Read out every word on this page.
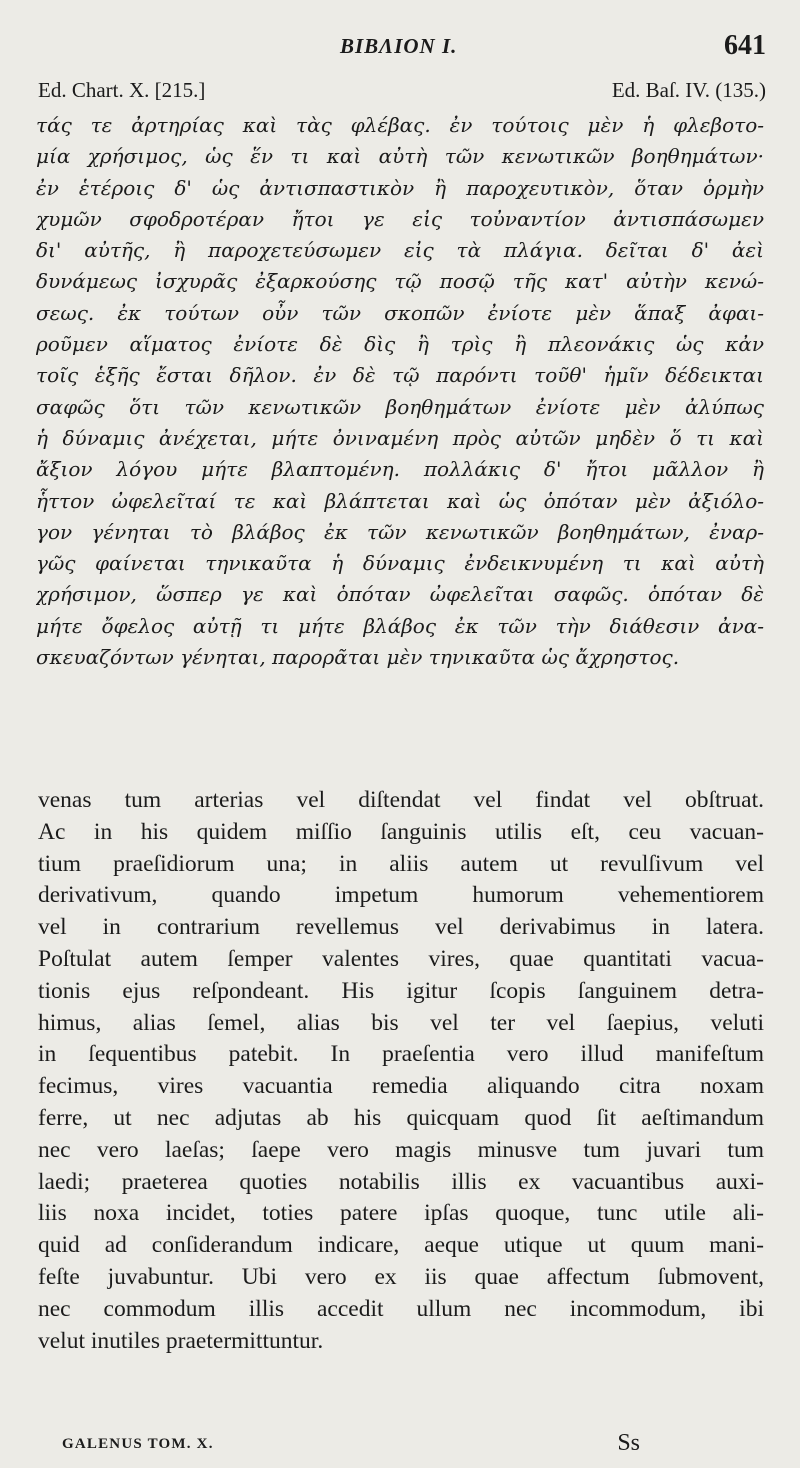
ΒΙΒΛΙΟΝ Ι.	641
Ed. Chart. X. [215.]	Ed. Baſ. IV. (135.)
τάς τε ἀρτηρίας καὶ τὰς φλέβας. ἐν τούτοις μὲν ἡ φλεβοτο-
μία χρήσιμος, ὡς ἕν τι καὶ αὐτὴ τῶν κενωτικῶν βοηθημάτων·
ἐν ἑτέροις δ' ὡς ἀντισπαστικὸν ἢ παροχευτικὸν, ὅταν ὁρμὴν
χυμῶν σφοδροτέραν ἤτοι γε εἰς τοὐναντίον ἀντισπάσωμεν
δι' αὐτῆς, ἢ παροχετεύσωμεν εἰς τὰ πλάγια. δεῖται δ' ἀεὶ
δυνάμεως ἰσχυρᾶς ἐξαρκούσης τῷ ποσῷ τῆς κατ' αὐτὴν κενώ-
σεως. ἐκ τούτων οὖν τῶν σκοπῶν ἐνίοτε μὲν ἅπαξ ἀφαι-
ροῦμεν αἵματος ἐνίοτε δὲ δὶς ἢ τρὶς ἢ πλεονάκις ὡς κἀν
τοῖς ἑξῆς ἔσται δῆλον. ἐν δὲ τῷ παρόντι τοῦθ' ἡμῖν δέδεικται
σαφῶς ὅτι τῶν κενωτικῶν βοηθημάτων ἐνίοτε μὲν ἀλύπως
ἡ δύναμις ἀνέχεται, μήτε ὀνιναμένη πρὸς αὐτῶν μηδὲν ὅ τι καὶ
ἄξιον λόγου μήτε βλαπτομένη. πολλάκις δ' ἤτοι μᾶλλον ἢ
ἧττον ὠφελεῖταί τε καὶ βλάπτεται καὶ ὡς ὁπόταν μὲν ἀξιόλο-
γον γένηται τὸ βλάβος ἐκ τῶν κενωτικῶν βοηθημάτων, ἐναρ-
γῶς φαίνεται τηνικαῦτα ἡ δύναμις ἐνδεικνυμένη τι καὶ αὐτὴ
χρήσιμον, ὥσπερ γε καὶ ὁπόταν ὠφελεῖται σαφῶς. ὁπόταν δὲ
μήτε ὄφελος αὐτῇ τι μήτε βλάβος ἐκ τῶν τὴν διάθεσιν ἀνα-
σκευαζόντων γένηται, παρορᾶται μὲν τηνικαῦτα ὡς ἄχρηστος.
venas tum arterias vel diſtendat vel findat vel obſtruat.
Ac in his quidem miſſio ſanguinis utilis eſt, ceu vacuan-
tium praeſidiorum una; in aliis autem ut revulſivum vel
derivativum, quando impetum humorum vehementiorem
vel in contrarium revellemus vel derivabimus in latera.
Poſtulat autem ſemper valentes vires, quae quantitati vacua-
tionis ejus reſpondeant. His igitur ſcopis ſanguinem detra-
himus, alias ſemel, alias bis vel ter vel ſaepius, veluti
in ſequentibus patebit. In praeſentia vero illud manifeſtum
fecimus, vires vacuantia remedia aliquando citra noxam
ferre, ut nec adjutas ab his quicquam quod ſit aeſtimandum
nec vero laeſas; ſaepe vero magis minusve tum juvari tum
laedi; praeterea quoties notabilis illis ex vacuantibus auxi-
liis noxa incidet, toties patere ipſas quoque, tunc utile ali-
quid ad conſiderandum indicare, aeque utique ut quum mani-
feſte juvabuntur. Ubi vero ex iis quae affectum ſubmovent,
nec commodum illis accedit ullum nec incommodum, ibi
velut inutiles praetermittuntur.
GALENUS TOM. X.	Ss
